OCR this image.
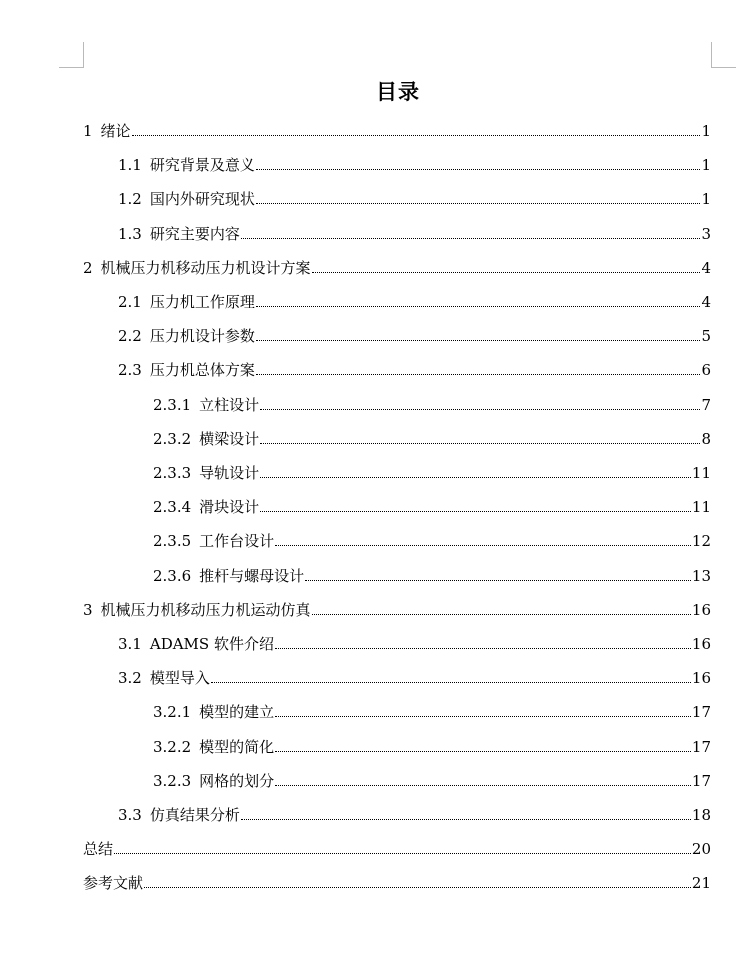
目录
1 绪论	1
1.1 研究背景及意义	1
1.2 国内外研究现状	1
1.3 研究主要内容	3
2 机械压力机移动压力机设计方案	4
2.1 压力机工作原理	4
2.2 压力机设计参数	5
2.3 压力机总体方案	6
2.3.1 立柱设计	7
2.3.2 横梁设计	8
2.3.3 导轨设计	11
2.3.4 滑块设计	11
2.3.5 工作台设计	12
2.3.6 推杆与螺母设计	13
3 机械压力机移动压力机运动仿真	16
3.1 ADAMS 软件介绍	16
3.2 模型导入	16
3.2.1 模型的建立	17
3.2.2 模型的简化	17
3.2.3 网格的划分	17
3.3 仿真结果分析	18
总结	20
参考文献	21
